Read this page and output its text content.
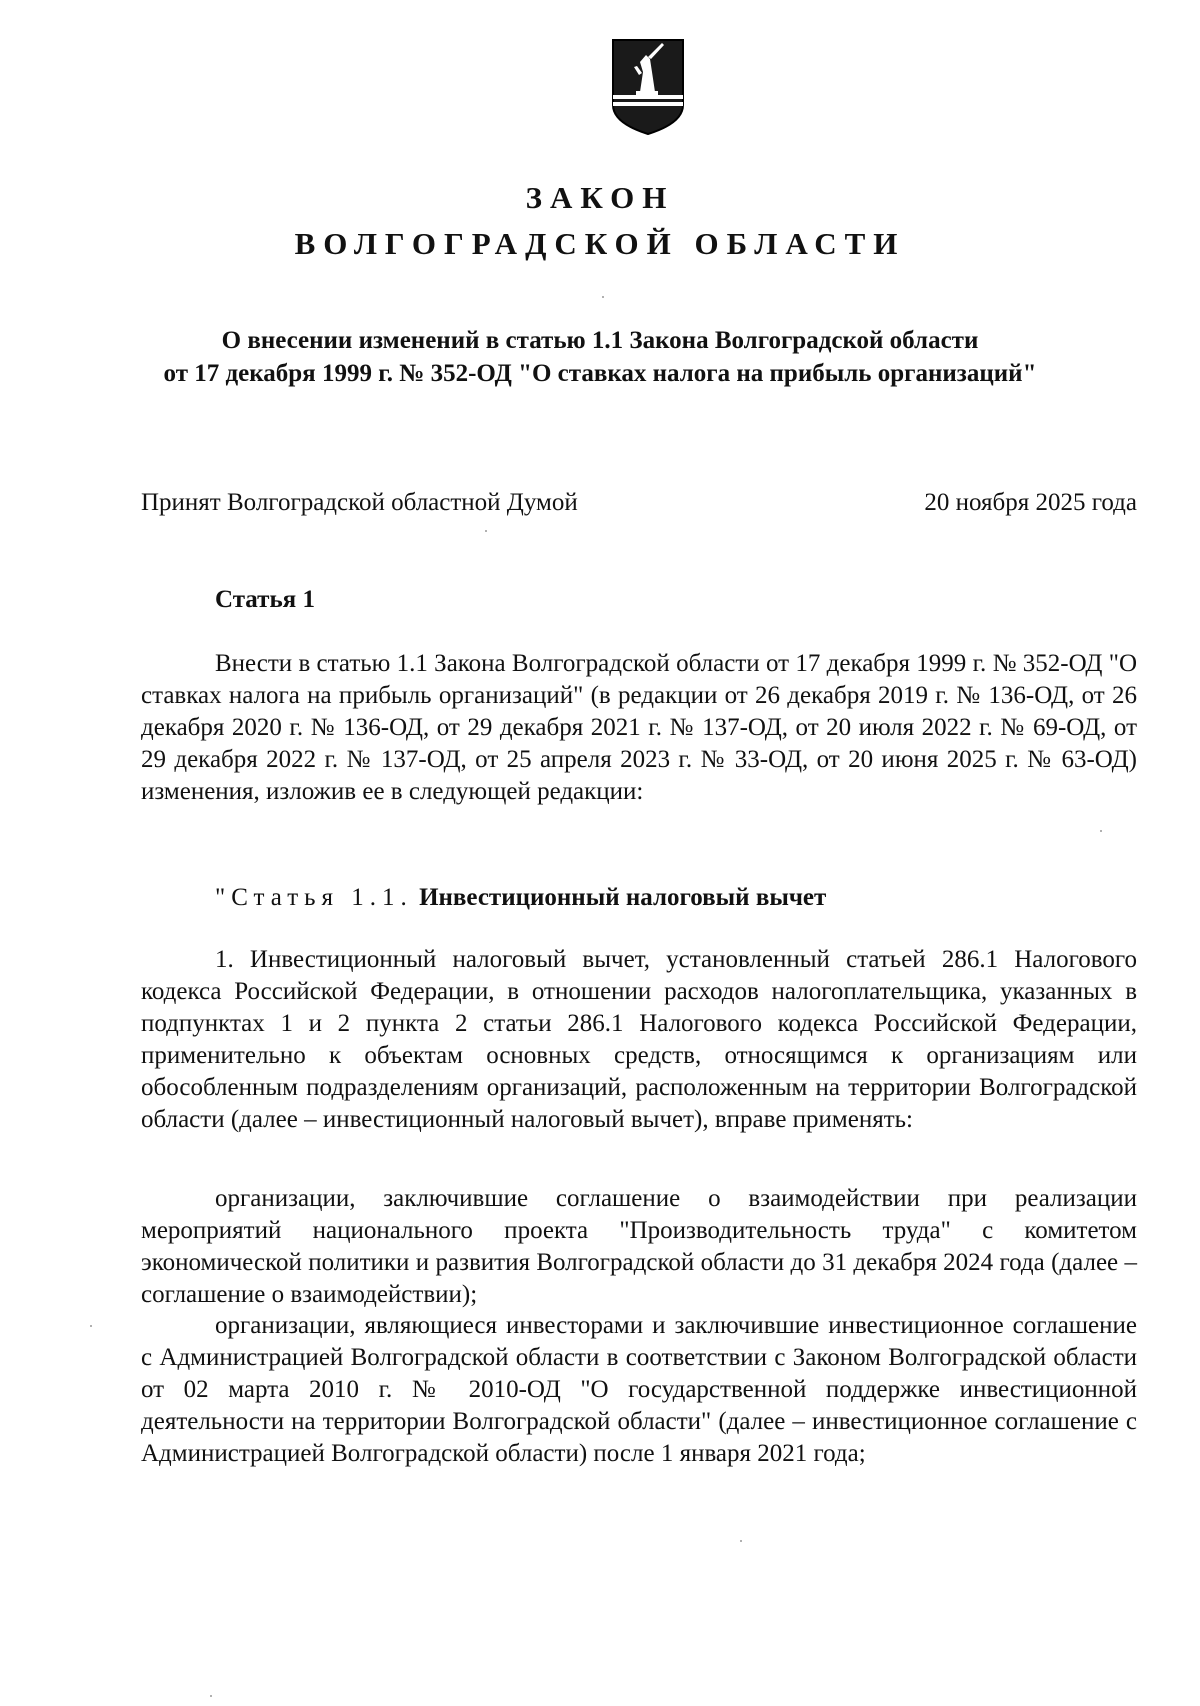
ЗАКОН
ВОЛГОГРАДСКОЙ ОБЛАСТИ
О внесении изменений в статью 1.1 Закона Волгоградской области
от 17 декабря 1999 г. № 352-ОД "О ставках налога на прибыль организаций"
Принят Волгоградской областной Думой	20 ноября 2025 года
Статья 1

Внести в статью 1.1 Закона Волгоградской области от 17 декабря 1999 г. № 352-ОД "О ставках налога на прибыль организаций" (в редакции от 26 декабря 2019 г. № 136-ОД, от 26 декабря 2020 г. № 136-ОД, от 29 декабря 2021 г. № 137-ОД, от 20 июля 2022 г. № 69-ОД, от 29 декабря 2022 г. № 137-ОД, от 25 апреля 2023 г. № 33-ОД, от 20 июня 2025 г. № 63-ОД) изменения, изложив ее в следующей редакции:

"Статья 1.1. Инвестиционный налоговый вычет

1. Инвестиционный налоговый вычет, установленный статьей 286.1 Налогового кодекса Российской Федерации, в отношении расходов налогоплательщика, указанных в подпунктах 1 и 2 пункта 2 статьи 286.1 Налогового кодекса Российской Федерации, применительно к объектам основных средств, относящимся к организациям или обособленным подразделениям организаций, расположенным на территории Волгоградской области (далее – инвестиционный налоговый вычет), вправе применять:

организации, заключившие соглашение о взаимодействии при реализации мероприятий национального проекта "Производительность труда" с комитетом экономической политики и развития Волгоградской области до 31 декабря 2024 года (далее – соглашение о взаимодействии);

организации, являющиеся инвесторами и заключившие инвестиционное соглашение с Администрацией Волгоградской области в соответствии с Законом Волгоградской области от 02 марта 2010 г. № 2010-ОД "О государственной поддержке инвестиционной деятельности на территории Волгоградской области" (далее – инвестиционное соглашение с Администрацией Волгоградской области) после 1 января 2021 года;
